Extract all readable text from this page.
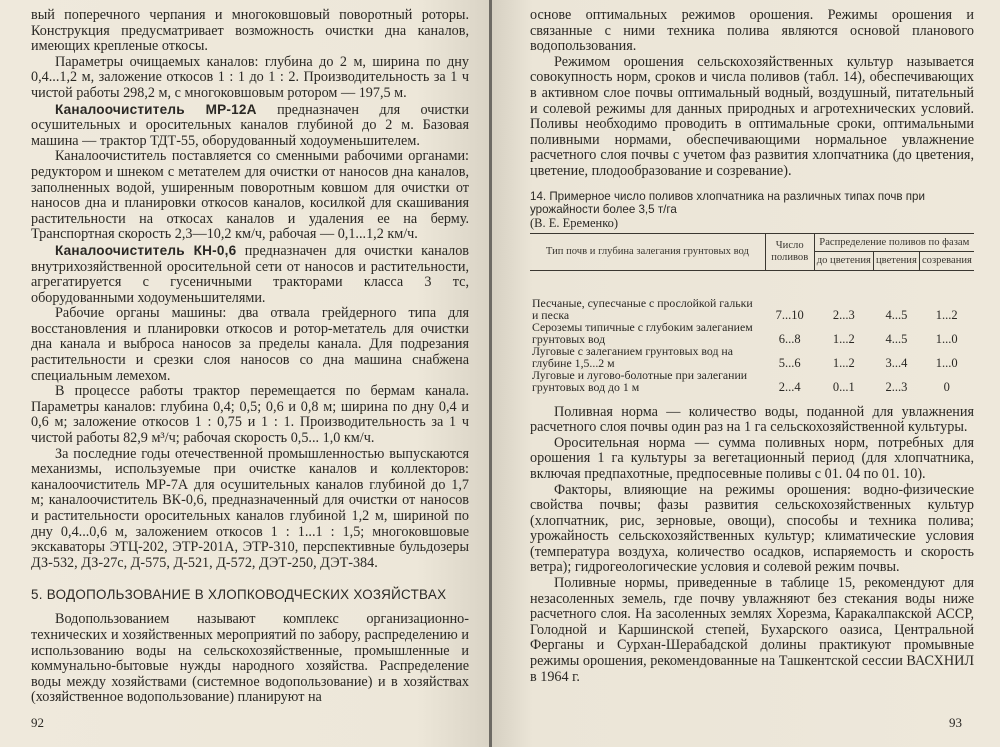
вый поперечного черпания и многоковшовый поворотный роторы. Конструкция предусматривает возможность очистки дна каналов, имеющих крепленые откосы.

Параметры очищаемых каналов: глубина до 2 м, ширина по дну 0,4...1,2 м, заложение откосов 1 : 1 до 1 : 2. Производительность за 1 ч чистой работы 298,2 м, с многоковшовым ротором — 197,5 м.

Каналоочиститель МР-12А предназначен для очистки осушительных и оросительных каналов глубиной до 2 м. Базовая машина — трактор ТДТ-55, оборудованный ходоуменьшителем.

Каналоочиститель поставляется со сменными рабочими органами: редуктором и шнеком с метателем для очистки от наносов дна каналов, заполненных водой, уширенным поворотным ковшом для очистки от наносов дна и планировки откосов каналов, косилкой для скашивания растительности на откосах каналов и удаления ее на берму. Транспортная скорость 2,3—10,2 км/ч, рабочая — 0,1...1,2 км/ч.

Каналоочиститель КН-0,6 предназначен для очистки каналов внутрихозяйственной оросительной сети от наносов и растительности, агрегатируется с гусеничными тракторами класса 3 тс, оборудованными ходоуменьшителями.

Рабочие органы машины: два отвала грейдерного типа для восстановления и планировки откосов и ротор-метатель для очистки дна канала и выброса наносов за пределы канала. Для подрезания растительности и срезки слоя наносов со дна машина снабжена специальным лемехом.

В процессе работы трактор перемещается по бермам канала. Параметры каналов: глубина 0,4; 0,5; 0,6 и 0,8 м; ширина по дну 0,4 и 0,6 м; заложение откосов 1 : 0,75 и 1 : 1. Производительность за 1 ч чистой работы 82,9 м³/ч; рабочая скорость 0,5... 1,0 км/ч.

За последние годы отечественной промышленностью выпускаются механизмы, используемые при очистке каналов и коллекторов: каналоочиститель МР-7А для осушительных каналов глубиной до 1,7 м; каналоочиститель ВК-0,6, предназначенный для очистки от наносов и растительности оросительных каналов глубиной 1,2 м, шириной по дну 0,4...0,6 м, заложением откосов 1 : 1...1 : 1,5; многоковшовые экскаваторы ЭТЦ-202, ЭТР-201А, ЭТР-310, перспективные бульдозеры ДЗ-532, ДЗ-27с, Д-575, Д-521, Д-572, ДЭТ-250, ДЭТ-384.

5. ВОДОПОЛЬЗОВАНИЕ В ХЛОПКОВОДЧЕСКИХ ХОЗЯЙСТВАХ

Водопользованием называют комплекс организационно-технических и хозяйственных мероприятий по забору, распределению и использованию воды на сельскохозяйственные, промышленные и коммунально-бытовые нужды народного хозяйства. Распределение воды между хозяйствами (системное водопользование) и в хозяйствах (хозяйственное водопользование) планируют на

92

основе оптимальных режимов орошения. Режимы орошения и связанные с ними техника полива являются основой планового водопользования.

Режимом орошения сельскохозяйственных культур называется совокупность норм, сроков и числа поливов (табл. 14), обеспечивающих в активном слое почвы оптимальный водный, воздушный, питательный и солевой режимы для данных природных и агротехнических условий. Поливы необходимо проводить в оптимальные сроки, оптимальными поливными нормами, обеспечивающими нормальное увлажнение расчетного слоя почвы с учетом фаз развития хлопчатника (до цветения, цветение, плодообразование и созревание).

14. Примерное число поливов хлопчатника на различных типах почв при урожайности более 3,5 т/га
(В. Е. Еременко)
Тип почв и глубина залегания грунтовых вод	Число поливов	Распределение поливов по фазам		
		до цветения	цветения	созревания
Песчаные, супесчаные с прослойкой гальки и песка	7...10	2...3	4...5	1...2
Сероземы типичные с глубоким залеганием грунтовых вод	6...8	1...2	4...5	1...0
Луговые с залеганием грунтовых вод на глубине 1,5...2 м	5...6	1...2	3...4	1...0
Луговые и лугово-болотные при залегании грунтовых вод до 1 м	2...4	0...1	2...3	0

Поливная норма — количество воды, поданной для увлажнения расчетного слоя почвы один раз на 1 га сельскохозяйственной культуры.

Оросительная норма — сумма поливных норм, потребных для орошения 1 га культуры за вегетационный период (для хлопчатника, включая предпахотные, предпосевные поливы с 01. 04 по 01. 10).

Факторы, влияющие на режимы орошения: водно-физические свойства почвы; фазы развития сельскохозяйственных культур (хлопчатник, рис, зерновые, овощи), способы и техника полива; урожайность сельскохозяйственных культур; климатические условия (температура воздуха, количество осадков, испаряемость и скорость ветра); гидрогеологические условия и солевой режим почвы.

Поливные нормы, приведенные в таблице 15, рекомендуют для незасоленных земель, где почву увлажняют без стекания воды ниже расчетного слоя. На засоленных землях Хорезма, Каракалпакской АССР, Голодной и Каршинской степей, Бухарского оазиса, Центральной Ферганы и Сурхан-Шерабадской долины практикуют промывные режимы орошения, рекомендованные на Ташкентской сессии ВАСХНИЛ в 1964 г.

93
